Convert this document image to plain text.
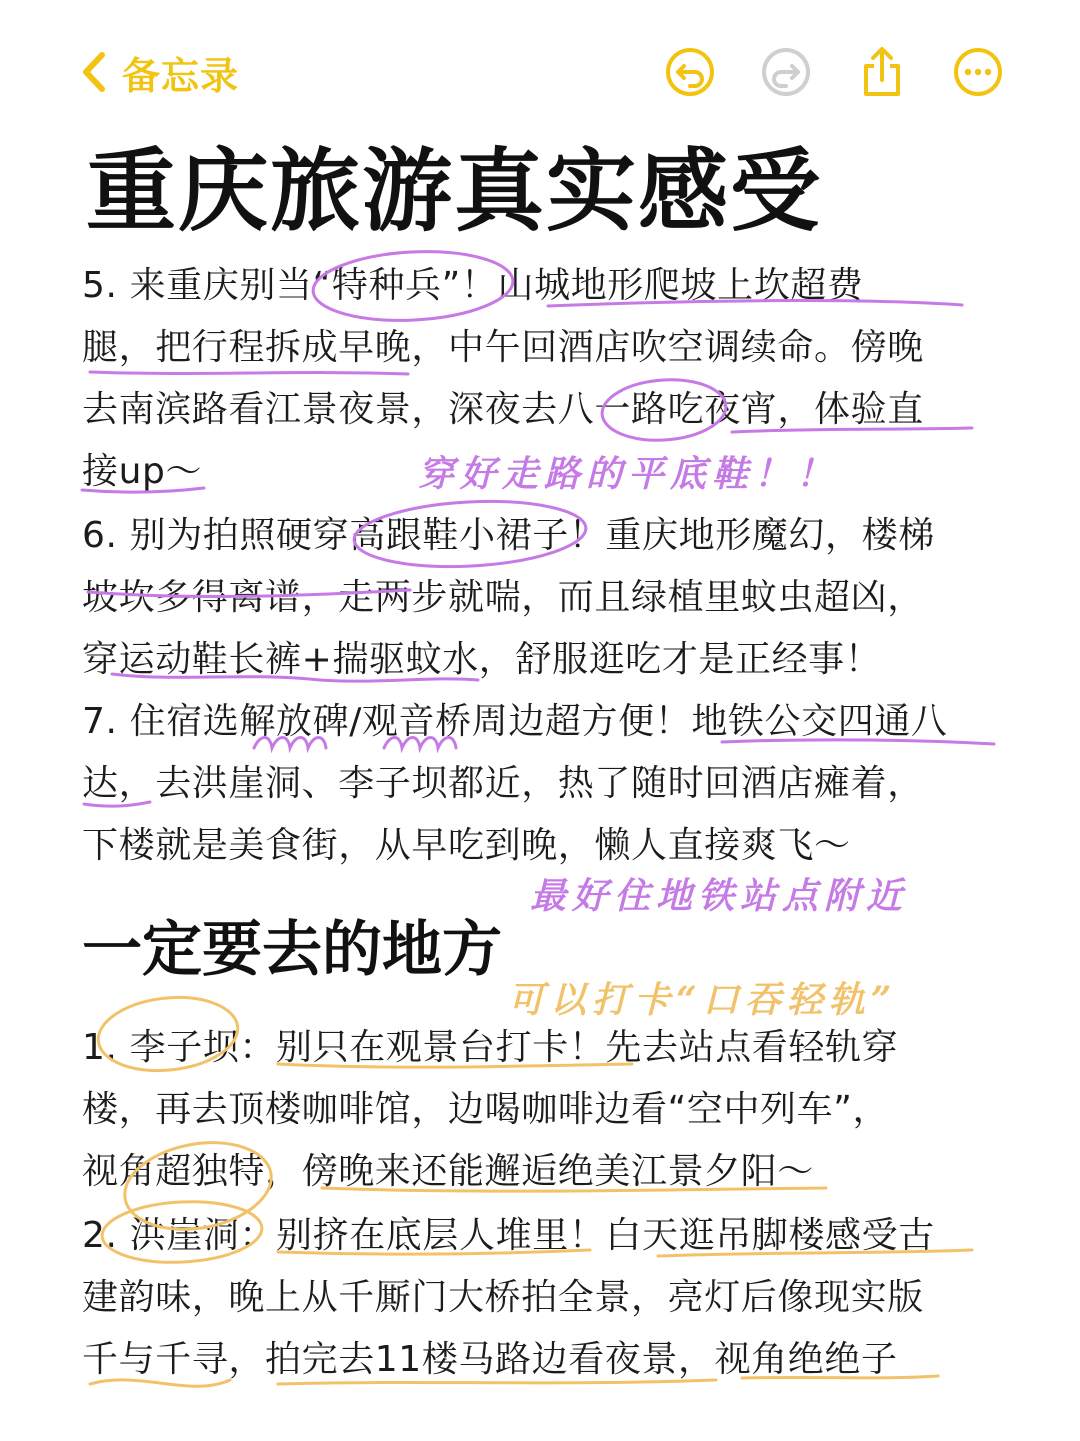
备忘录
重庆旅游真实感受
5. 来重庆别当“特种兵”！山城地形爬坡上坎超费
腿，把行程拆成早晚，中午回酒店吹空调续命。傍晚
去南滨路看江景夜景，深夜去八一路吃夜宵，体验直
接up～
6. 别为拍照硬穿高跟鞋小裙子！重庆地形魔幻，楼梯
坡坎多得离谱，走两步就喘，而且绿植里蚊虫超凶，
穿运动鞋长裤+揣驱蚊水，舒服逛吃才是正经事！
7. 住宿选解放碑/观音桥周边超方便！地铁公交四通八
达，去洪崖洞、李子坝都近，热了随时回酒店瘫着，
下楼就是美食街，从早吃到晚，懒人直接爽飞～
一定要去的地方
1. 李子坝：别只在观景台打卡！先去站点看轻轨穿
楼，再去顶楼咖啡馆，边喝咖啡边看“空中列车”，
视角超独特，傍晚来还能邂逅绝美江景夕阳～
2. 洪崖洞：别挤在底层人堆里！白天逛吊脚楼感受古
建韵味，晚上从千厮门大桥拍全景，亮灯后像现实版
千与千寻，拍完去11楼马路边看夜景，视角绝绝子
穿好走路的平底鞋！！
最好住地铁站点附近
可以打卡“口吞轻轨”
